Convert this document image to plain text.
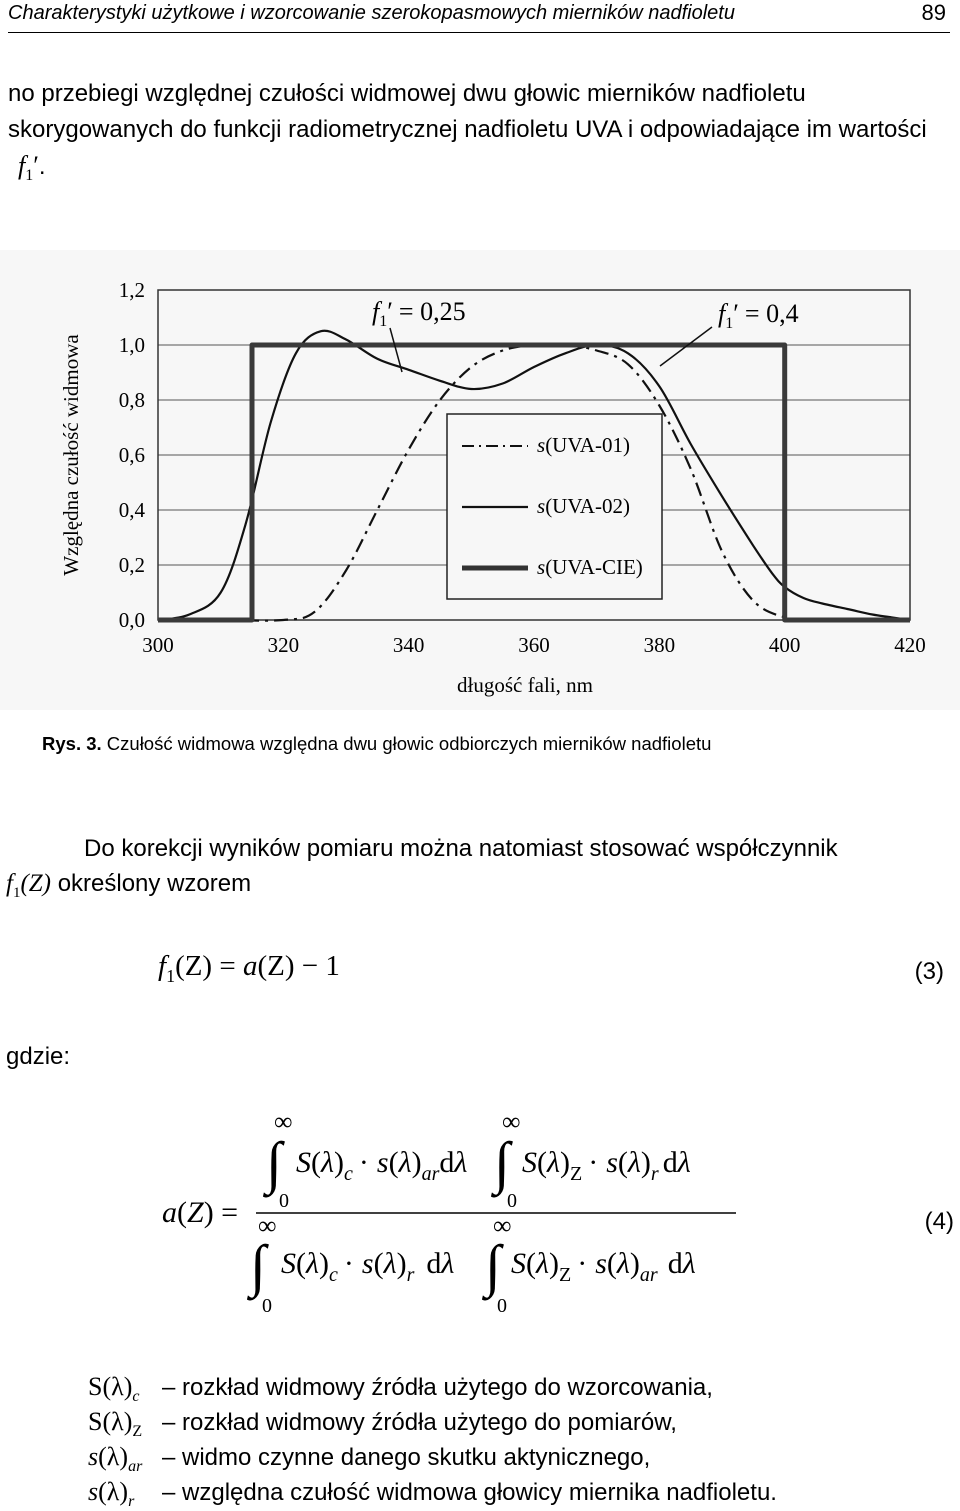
Charakterystyki użytkowe i wzorcowanie szerokopasmowych mierników nadfioletu	89
no przebiegi względnej czułości widmowej dwu głowic mierników nadfioletu skorygowanych do funkcji radiometrycznej nadfioletu UVA i odpowiadające im wartości $f_1'$.
0,0
0,2
0,4
0,6
0,8
1,0
1,2
300	320	340	360	380	400	420
s(UVA-01)
s(UVA-02)
s(UVA-CIE)
$f_1' = 0,25$	$f_1' = 0,4$
Względna czułość widmowa
długość fali, nm
Rys. 3. Czułość widmowa względna dwu głowic odbiorczych mierników nadfioletu
Do korekcji wyników pomiaru można natomiast stosować współczynnik
$f_1(Z)$ określony wzorem
$f_1(Z) = a(Z) - 1$	(3)
gdzie:
a(Z) =
∞
∫
0
$S(\lambda)_c \cdot s(\lambda)_{ar}d\lambda$
∞
∫
0
$S(\lambda)_Z \cdot s(\lambda)_r$ dλ
∞
∫
0
$S(\lambda)_c \cdot s(\lambda)_r$ dλ
∞
∫
0
$S(\lambda)_Z \cdot s(\lambda)_{ar}$ dλ
(4)
$S(\lambda)_c$ – rozkład widmowy źródła użytego do wzorcowania,
$S(\lambda)_Z$ – rozkład widmowy źródła użytego do pomiarów,
$s(\lambda)_{ar}$ – widmo czynne danego skutku aktynicznego,
$s(\lambda)_r$ – względna czułość widmowa głowicy miernika nadfioletu.
